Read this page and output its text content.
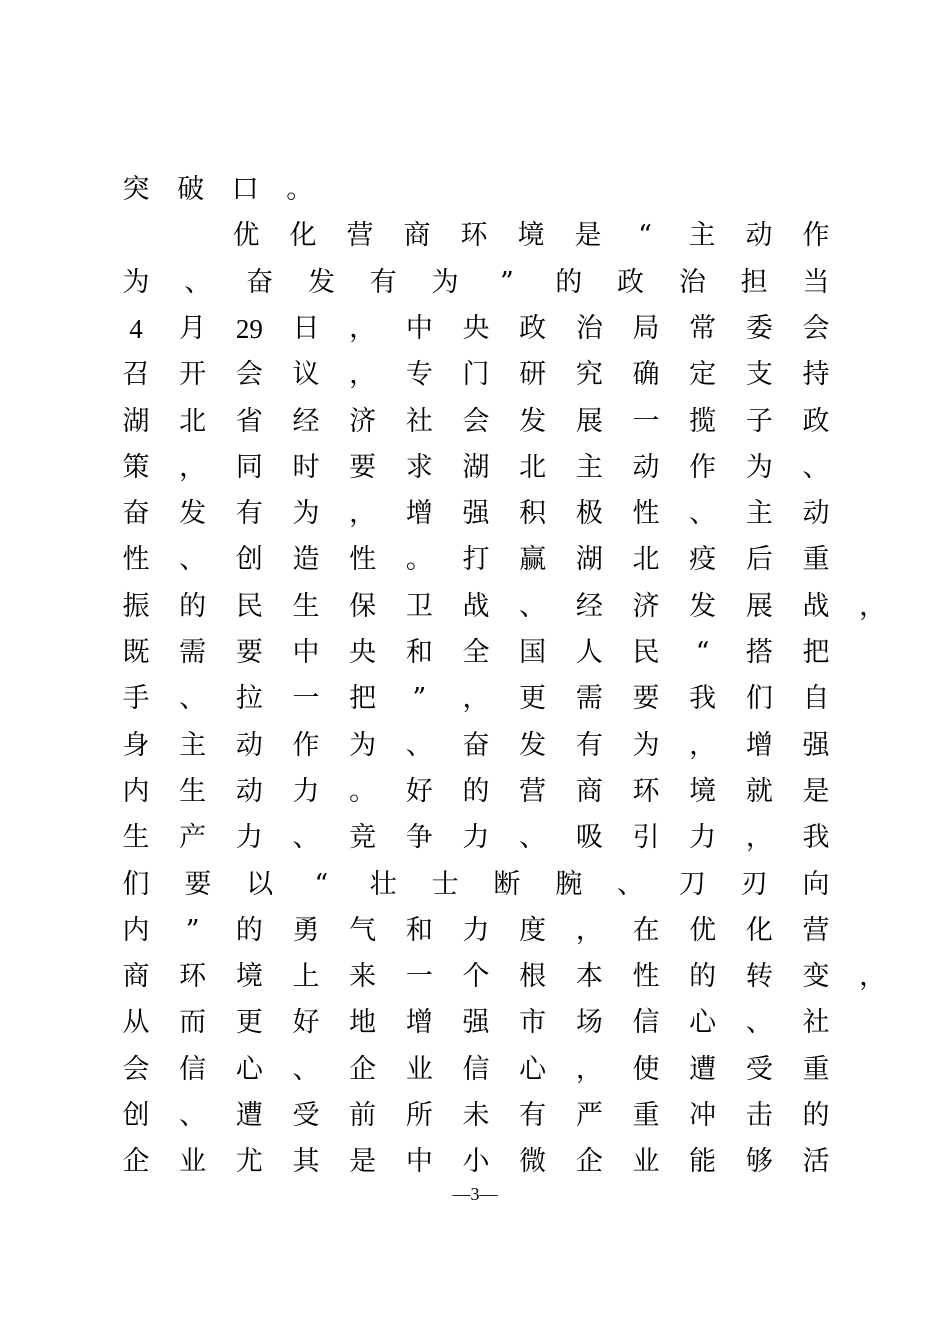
突 破 口 。
优 化 营 商 环 境 是	“	主 动 作
为 、 奋 发 有 为	”	的 政 治 担 当
4	月	29	日 ， 中 央 政 治 局 常 委 会
召 开 会 议 ， 专 门 研 究 确 定 支 持
湖 北 省 经 济 社 会 发 展 一 揽 子 政
策 ， 同 时 要 求 湖 北 主 动 作 为 、
奋 发 有 为 ， 增 强 积 极 性 、 主 动
性 、 创 造 性 。 打 赢 湖 北 疫 后 重
振 的 民 生 保 卫 战 、 经 济 发 展 战 ，
既 需 要 中 央 和 全 国 人 民	“	搭 把
手 、 拉 一 把	”	， 更 需 要 我 们 自
身 主 动 作 为 、 奋 发 有 为 ， 增 强
内 生 动 力 。 好 的 营 商 环 境 就 是
生 产 力 、 竞 争 力 、 吸 引 力 ， 我
们 要 以	“	壮 士 断 腕 、 刀 刃 向
内	”	的 勇 气 和 力 度 ， 在 优 化 营
商 环 境 上 来 一 个 根 本 性 的 转 变 ，
从 而 更 好 地 增 强 市 场 信 心 、 社
会 信 心 、 企 业 信 心 ， 使 遭 受 重
创 、 遭 受 前 所 未 有 严 重 冲 击 的
企 业 尤 其 是 中 小 微 企 业 能 够 活
—3—
